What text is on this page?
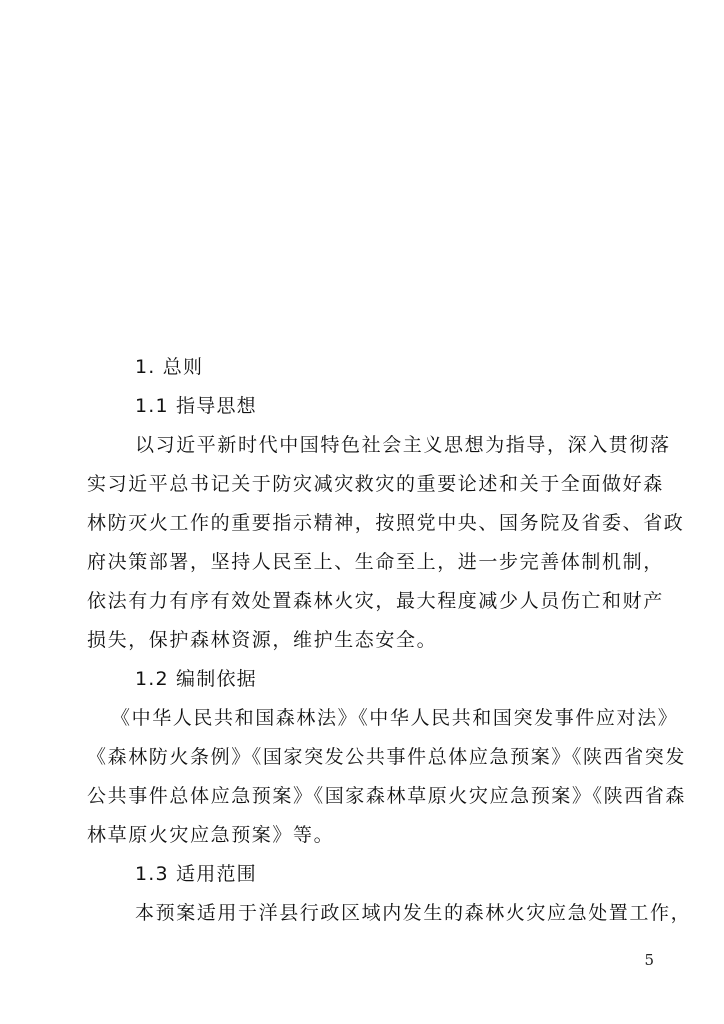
1. 总则
1.1 指导思想
以习近平新时代中国特色社会主义思想为指导，深入贯彻落
实习近平总书记关于防灾减灾救灾的重要论述和关于全面做好森
林防灭火工作的重要指示精神，按照党中央、国务院及省委、省政
府决策部署，坚持人民至上、生命至上，进一步完善体制机制，
依法有力有序有效处置森林火灾，最大程度减少人员伤亡和财产
损失，保护森林资源，维护生态安全。
1.2 编制依据
《中华人民共和国森林法》《中华人民共和国突发事件应对法》
《森林防火条例》《国家突发公共事件总体应急预案》《陕西省突发
公共事件总体应急预案》《国家森林草原火灾应急预案》《陕西省森
林草原火灾应急预案》等。
1.3 适用范围
本预案适用于洋县行政区域内发生的森林火灾应急处置工作，
5
